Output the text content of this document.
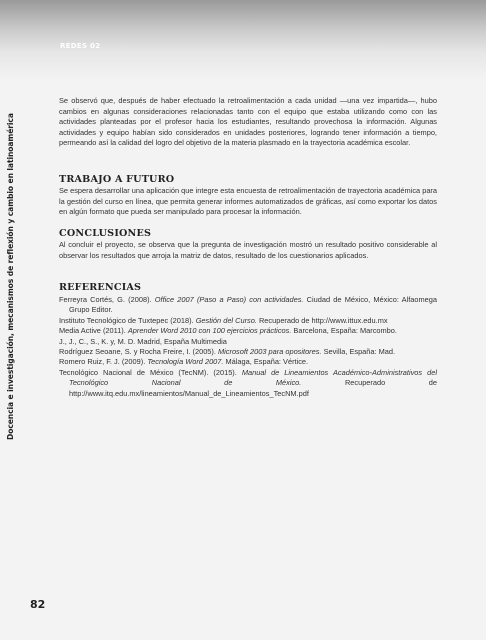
REDES 02

Se observó que, después de haber efectuado la retroalimentación a cada unidad —una vez impartida—, hubo cambios en algunas consideraciones relacionadas tanto con el equipo que estaba utilizando como con las actividades planteadas por el profesor hacia los estudiantes, resultando provechosa la información. Algunas actividades y equipo habían sido considerados en unidades posteriores, logrando tener información a tiempo, permeando así la calidad del logro del objetivo de la materia plasmado en la trayectoria académica escolar.

TRABAJO A FUTURO
Se espera desarrollar una aplicación que integre esta encuesta de retroalimentación de trayectoria académica para la gestión del curso en línea, que permita generar informes automatizados de gráficas, así como exportar los datos en algún formato que pueda ser manipulado para procesar la información.
CONCLUSIONES
Al concluir el proyecto, se observa que la pregunta de investigación mostró un resultado positivo considerable al observar los resultados que arroja la matriz de datos, resultado de los cuestionarios aplicados.
REFERENCIAS
Ferreyra Cortés, G. (2008). Office 2007 (Paso a Paso) con actividades. Ciudad de México, México: Alfaomega Grupo Editor.
Instituto Tecnológico de Tuxtepec (2018). Gestión del Curso. Recuperado de http://www.ittux.edu.mx
Media Active (2011). Aprender Word 2010 con 100 ejercicios prácticos. Barcelona, España: Marcombo.
J., J., C., S., K. y, M. D. Madrid, España Multimedia
Rodríguez Seoane, S. y Rocha Freire, I. (2005). Microsoft 2003 para opositores. Sevilla, España: Mad.
Romero Ruiz, F. J. (2009). Tecnología Word 2007. Málaga, España: Vértice.
Tecnológico Nacional de México (TecNM). (2015). Manual de Lineamientos Académico-Administrativos del Tecnológico Nacional de México. Recuperado de http://www.itq.edu.mx/lineamientos/Manual_de_Lineamientos_TecNM.pdf
Docencia e investigación, mecanismos de reflexión y cambio en latinoamérica
82
